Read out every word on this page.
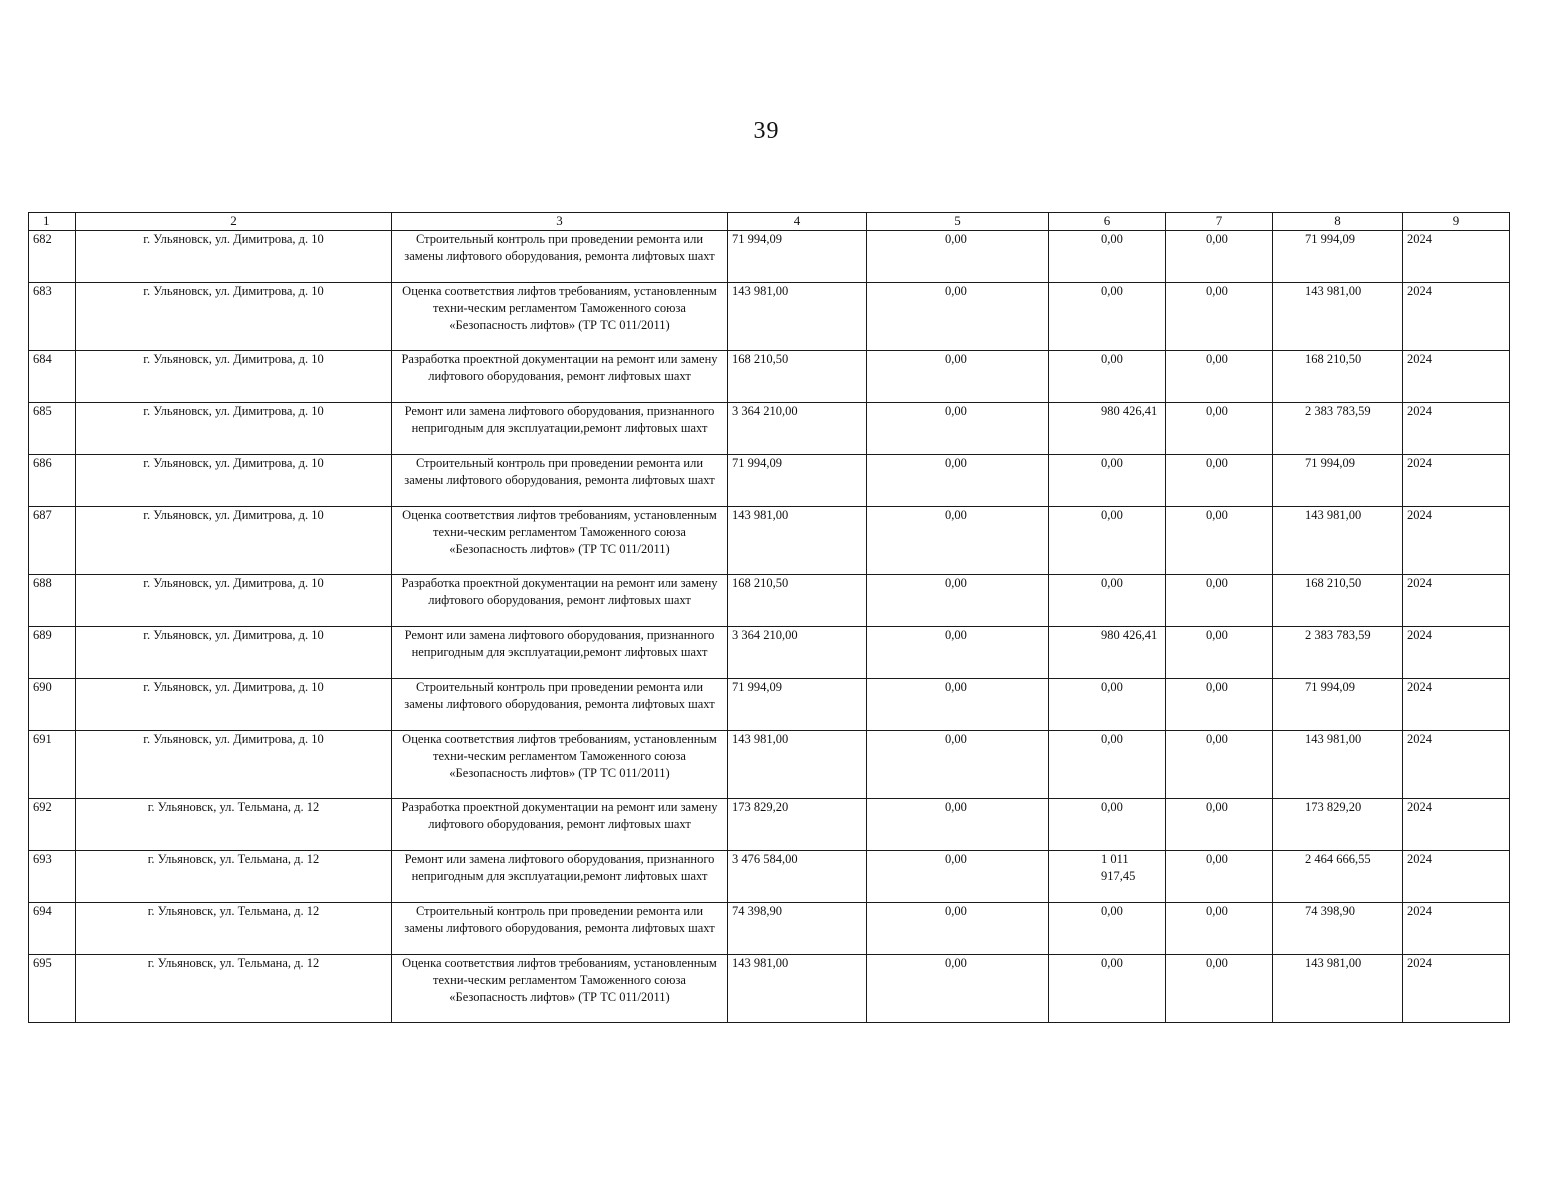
39
1	2	3	4	5	6	7	8	9
682	г. Ульяновск, ул. Димитрова, д. 10	Строительный контроль при проведении ремонта или замены лифтового оборудования, ремонта лифтовых шахт	71 994,09	0,00	0,00	0,00	71 994,09	2024
683	г. Ульяновск, ул. Димитрова, д. 10	Оценка соответствия лифтов требованиям, установленным техни-ческим регламентом Таможенного союза «Безопасность лифтов» (ТР ТС 011/2011)	143 981,00	0,00	0,00	0,00	143 981,00	2024
684	г. Ульяновск, ул. Димитрова, д. 10	Разработка проектной документации на ремонт или замену лифтового оборудования, ремонт лифтовых шахт	168 210,50	0,00	0,00	0,00	168 210,50	2024
685	г. Ульяновск, ул. Димитрова, д. 10	Ремонт или замена лифтового оборудования, признанного непригодным для эксплуатации,ремонт лифтовых шахт	3 364 210,00	0,00	980 426,41	0,00	2 383 783,59	2024
686	г. Ульяновск, ул. Димитрова, д. 10	Строительный контроль при проведении ремонта или замены лифтового оборудования, ремонта лифтовых шахт	71 994,09	0,00	0,00	0,00	71 994,09	2024
687	г. Ульяновск, ул. Димитрова, д. 10	Оценка соответствия лифтов требованиям, установленным техни-ческим регламентом Таможенного союза «Безопасность лифтов» (ТР ТС 011/2011)	143 981,00	0,00	0,00	0,00	143 981,00	2024
688	г. Ульяновск, ул. Димитрова, д. 10	Разработка проектной документации на ремонт или замену лифтового оборудования, ремонт лифтовых шахт	168 210,50	0,00	0,00	0,00	168 210,50	2024
689	г. Ульяновск, ул. Димитрова, д. 10	Ремонт или замена лифтового оборудования, признанного непригодным для эксплуатации,ремонт лифтовых шахт	3 364 210,00	0,00	980 426,41	0,00	2 383 783,59	2024
690	г. Ульяновск, ул. Димитрова, д. 10	Строительный контроль при проведении ремонта или замены лифтового оборудования, ремонта лифтовых шахт	71 994,09	0,00	0,00	0,00	71 994,09	2024
691	г. Ульяновск, ул. Димитрова, д. 10	Оценка соответствия лифтов требованиям, установленным техни-ческим регламентом Таможенного союза «Безопасность лифтов» (ТР ТС 011/2011)	143 981,00	0,00	0,00	0,00	143 981,00	2024
692	г. Ульяновск, ул. Тельмана, д. 12	Разработка проектной документации на ремонт или замену лифтового оборудования, ремонт лифтовых шахт	173 829,20	0,00	0,00	0,00	173 829,20	2024
693	г. Ульяновск, ул. Тельмана, д. 12	Ремонт или замена лифтового оборудования, признанного непригодным для эксплуатации,ремонт лифтовых шахт	3 476 584,00	0,00	1 011 917,45	0,00	2 464 666,55	2024
694	г. Ульяновск, ул. Тельмана, д. 12	Строительный контроль при проведении ремонта или замены лифтового оборудования, ремонта лифтовых шахт	74 398,90	0,00	0,00	0,00	74 398,90	2024
695	г. Ульяновск, ул. Тельмана, д. 12	Оценка соответствия лифтов требованиям, установленным техни-ческим регламентом Таможенного союза «Безопасность лифтов» (ТР ТС 011/2011)	143 981,00	0,00	0,00	0,00	143 981,00	2024
